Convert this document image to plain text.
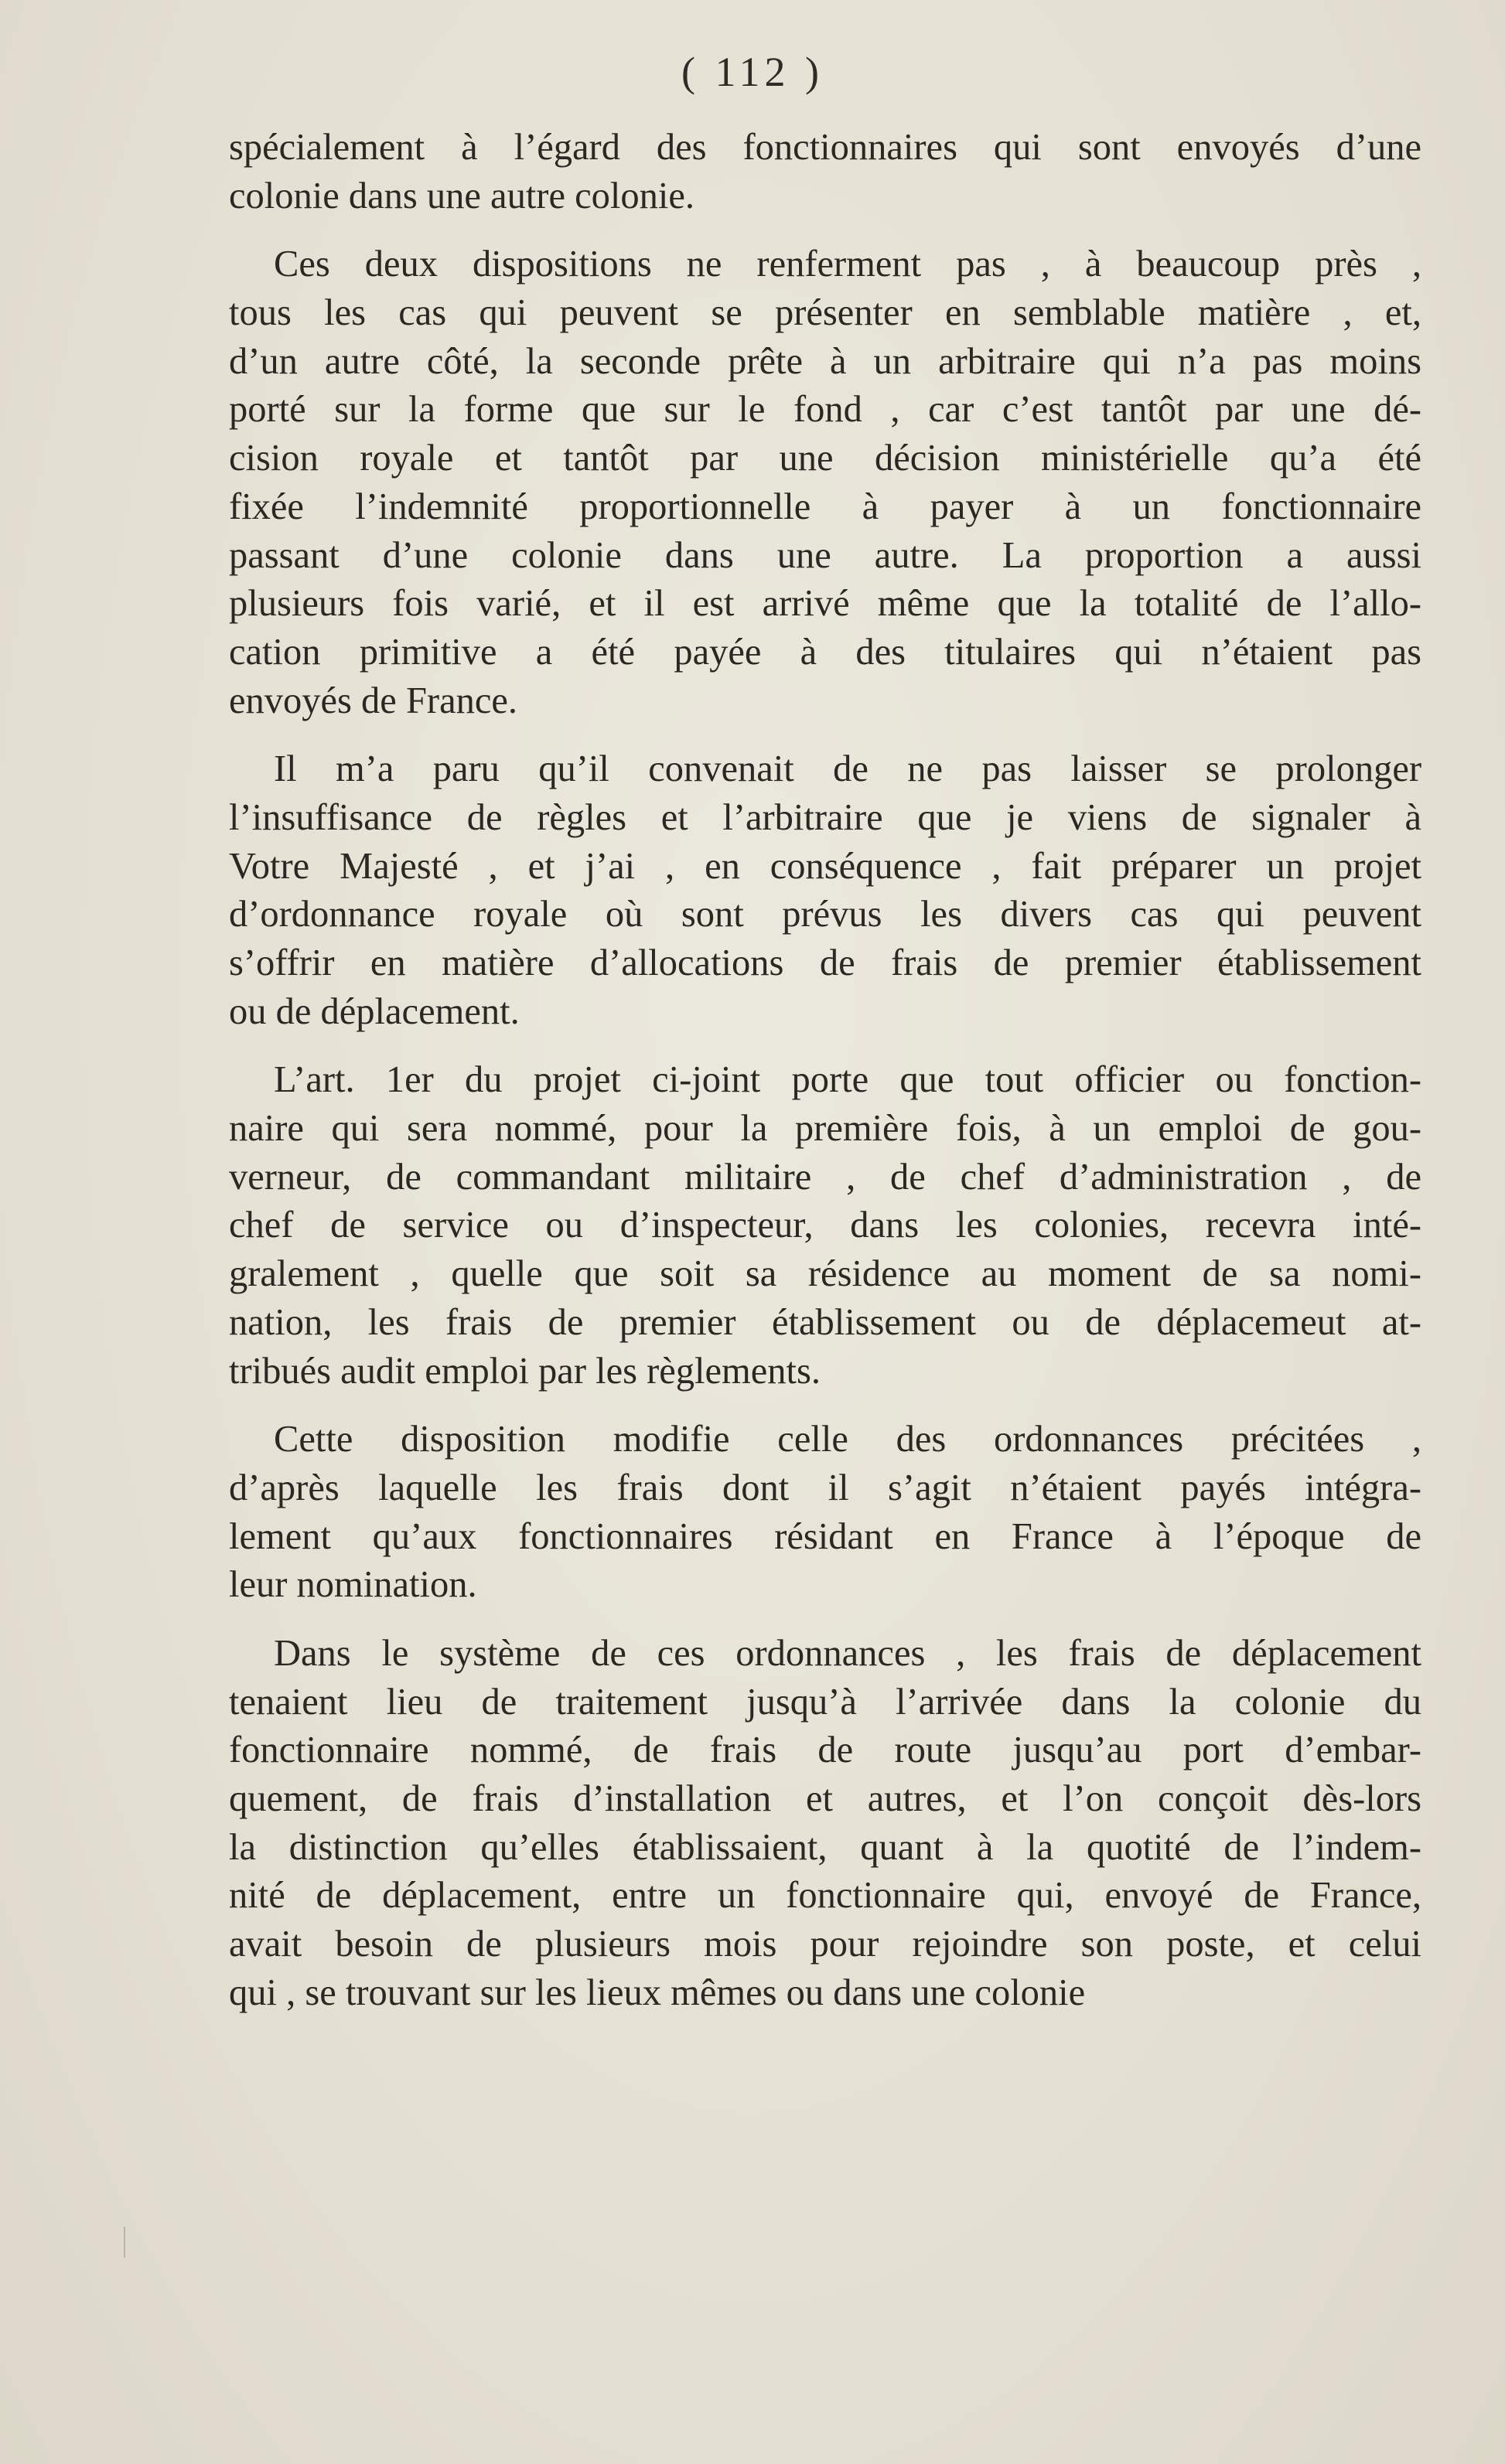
( 112 )
spécialement à l’égard des fonctionnaires qui sont envoyés d’une
colonie dans une autre colonie.
Ces deux dispositions ne renferment pas , à beaucoup près ,
tous les cas qui peuvent se présenter en semblable matière , et,
d’un autre côté, la seconde prête à un arbitraire qui n’a pas moins
porté sur la forme que sur le fond , car c’est tantôt par une dé-
cision royale et tantôt par une décision ministérielle qu’a été
fixée l’indemnité proportionnelle à payer à un fonctionnaire
passant d’une colonie dans une autre. La proportion a aussi
plusieurs fois varié, et il est arrivé même que la totalité de l’allo-
cation primitive a été payée à des titulaires qui n’étaient pas
envoyés de France.
Il m’a paru qu’il convenait de ne pas laisser se prolonger
l’insuffisance de règles et l’arbitraire que je viens de signaler à
Votre Majesté , et j’ai , en conséquence , fait préparer un projet
d’ordonnance royale où sont prévus les divers cas qui peuvent
s’offrir en matière d’allocations de frais de premier établissement
ou de déplacement.
L’art. 1er du projet ci-joint porte que tout officier ou fonction-
naire qui sera nommé, pour la première fois, à un emploi de gou-
verneur, de commandant militaire , de chef d’administration , de
chef de service ou d’inspecteur, dans les colonies, recevra inté-
gralement , quelle que soit sa résidence au moment de sa nomi-
nation, les frais de premier établissement ou de déplacemeut at-
tribués audit emploi par les règlements.
Cette disposition modifie celle des ordonnances précitées ,
d’après laquelle les frais dont il s’agit n’étaient payés intégra-
lement qu’aux fonctionnaires résidant en France à l’époque de
leur nomination.
Dans le système de ces ordonnances , les frais de déplacement
tenaient lieu de traitement jusqu’à l’arrivée dans la colonie du
fonctionnaire nommé, de frais de route jusqu’au port d’embar-
quement, de frais d’installation et autres, et l’on conçoit dès-lors
la distinction qu’elles établissaient, quant à la quotité de l’indem-
nité de déplacement, entre un fonctionnaire qui, envoyé de France,
avait besoin de plusieurs mois pour rejoindre son poste, et celui
qui , se trouvant sur les lieux mêmes ou dans une colonie
